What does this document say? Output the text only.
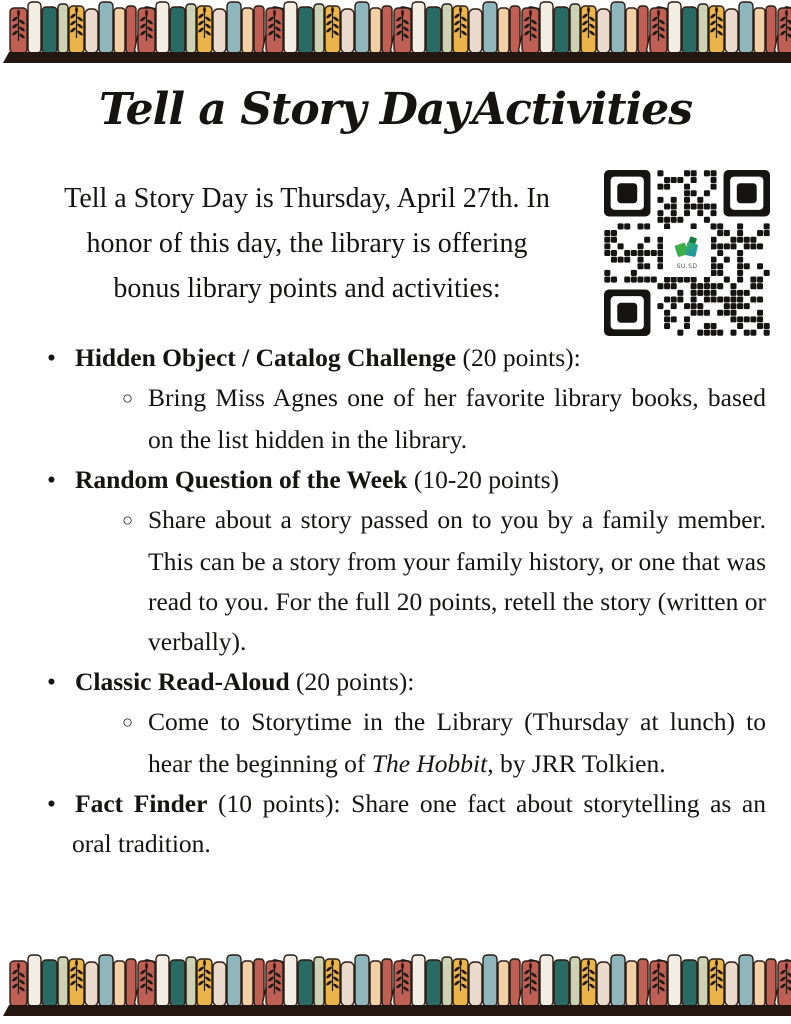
Tell a Story DayActivities
Tell a Story Day is Thursday, April 27th. In
honor of this day, the library is offering
bonus library points and activities:
SU.SD
• Hidden Object / Catalog Challenge (20 points):
○ Bring Miss Agnes one of her favorite library books, based on the list hidden in the library.
• Random Question of the Week (10-20 points)
○ Share about a story passed on to you by a family member. This can be a story from your family history, or one that was read to you. For the full 20 points, retell the story (written or verbally).
• Classic Read-Aloud (20 points):
○ Come to Storytime in the Library (Thursday at lunch) to hear the beginning of The Hobbit, by JRR Tolkien.
• Fact Finder (10 points): Share one fact about storytelling as an oral tradition.
